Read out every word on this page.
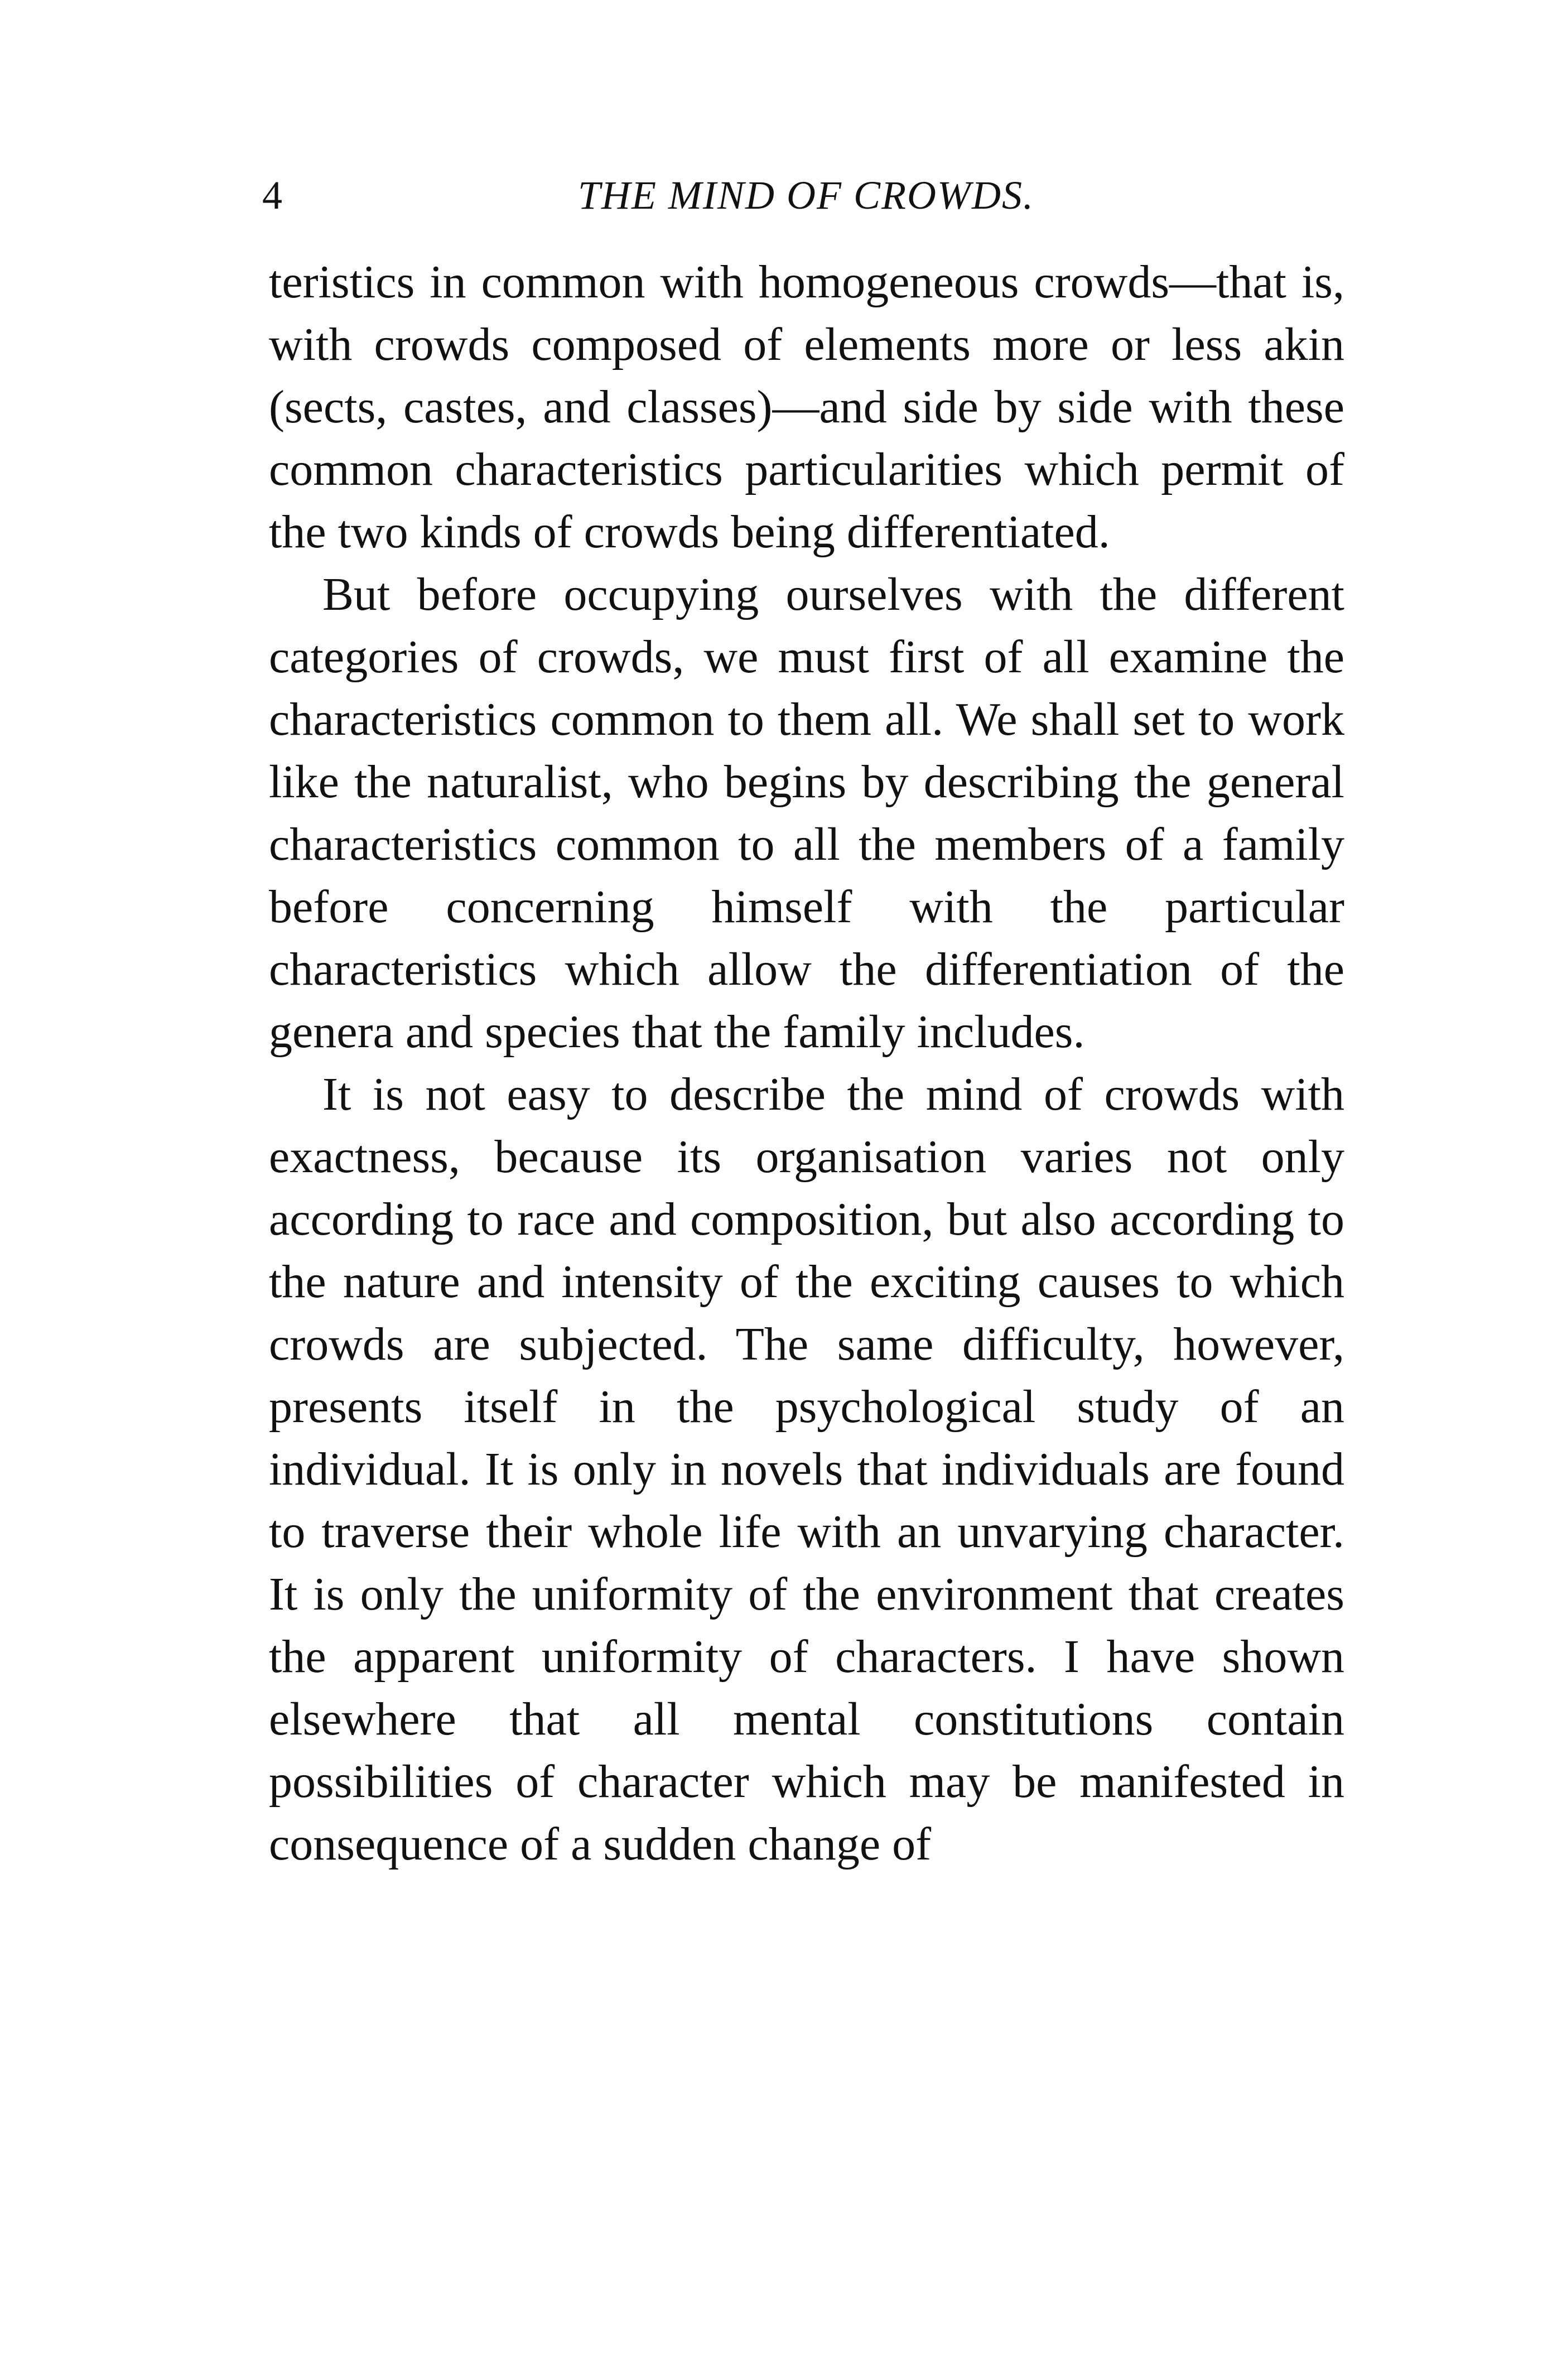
4	THE MIND OF CROWDS.

teristics in common with homogeneous crowds—that is, with crowds composed of elements more or less akin (sects, castes, and classes)—and side by side with these common characteristics particularities which permit of the two kinds of crowds being differentiated.

But before occupying ourselves with the different categories of crowds, we must first of all examine the characteristics common to them all. We shall set to work like the naturalist, who begins by describing the general characteristics common to all the members of a family before concerning himself with the particular characteristics which allow the differentiation of the genera and species that the family includes.

It is not easy to describe the mind of crowds with exactness, because its organisation varies not only according to race and composition, but also according to the nature and intensity of the exciting causes to which crowds are subjected. The same difficulty, however, presents itself in the psychological study of an individual. It is only in novels that individuals are found to traverse their whole life with an unvarying character. It is only the uniformity of the environment that creates the apparent uniformity of characters. I have shown elsewhere that all mental constitutions contain possibilities of character which may be manifested in consequence of a sudden change of
